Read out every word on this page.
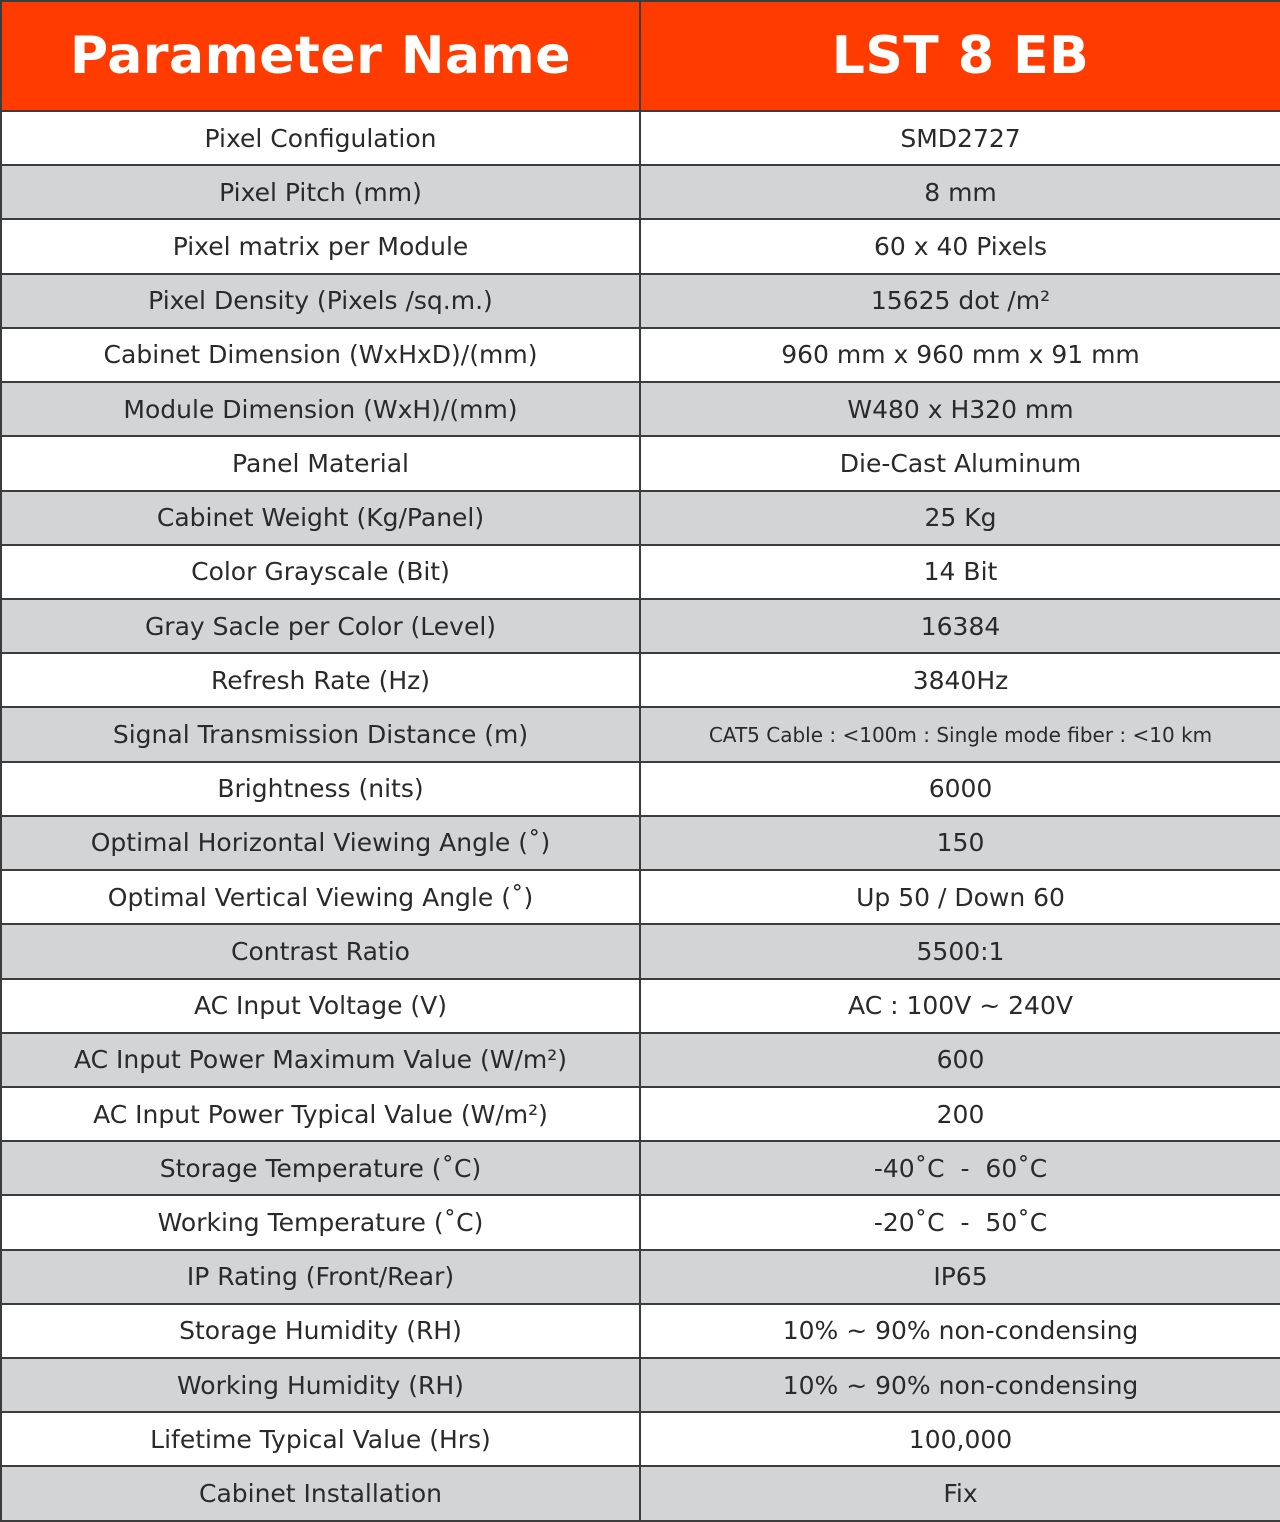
Parameter Name	LST 8 EB
Pixel Configulation	SMD2727
Pixel Pitch (mm)	8 mm
Pixel matrix per Module	60 x 40 Pixels
Pixel Density (Pixels /sq.m.)	15625 dot /m²
Cabinet Dimension (WxHxD)/(mm)	960 mm x 960 mm x 91 mm
Module Dimension (WxH)/(mm)	W480 x H320 mm
Panel Material	Die-Cast Aluminum
Cabinet Weight (Kg/Panel)	25 Kg
Color Grayscale (Bit)	14 Bit
Gray Sacle per Color (Level)	16384
Refresh Rate (Hz)	3840Hz
Signal Transmission Distance (m)	CAT5 Cable : <100m : Single mode fiber : <10 km
Brightness (nits)	6000
Optimal Horizontal Viewing Angle (˚)	150
Optimal Vertical Viewing Angle (˚)	Up 50 / Down 60
Contrast Ratio	5500:1
AC Input Voltage (V)	AC : 100V ~ 240V
AC Input Power Maximum Value (W/m²)	600
AC Input Power Typical Value (W/m²)	200
Storage Temperature (˚C)	-40˚C  -  60˚C
Working Temperature (˚C)	-20˚C  -  50˚C
IP Rating (Front/Rear)	IP65
Storage Humidity (RH)	10% ~ 90% non-condensing
Working Humidity (RH)	10% ~ 90% non-condensing
Lifetime Typical Value (Hrs)	100,000
Cabinet Installation	Fix
